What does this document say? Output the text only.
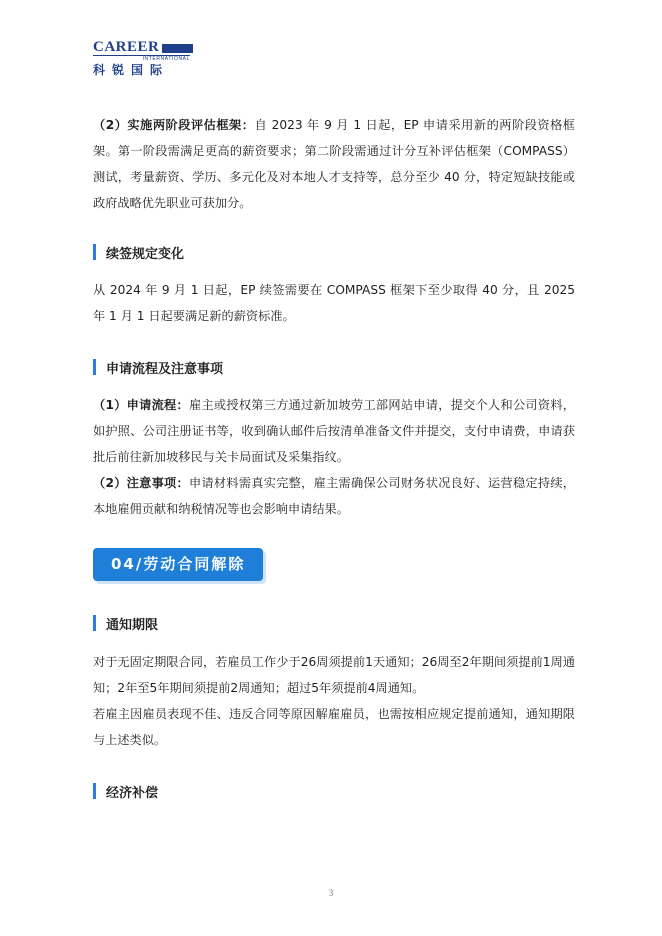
CAREER
INTERNATIONAL
科锐国际

（2）实施两阶段评估框架：自 2023 年 9 月 1 日起，EP 申请采用新的两阶段资格框架。第一阶段需满足更高的薪资要求；第二阶段需通过计分互补评估框架（COMPASS）测试，考量薪资、学历、多元化及对本地人才支持等，总分至少 40 分，特定短缺技能或政府战略优先职业可获加分。

续签规定变化

从 2024 年 9 月 1 日起，EP 续签需要在 COMPASS 框架下至少取得 40 分，且 2025 年 1 月 1 日起要满足新的薪资标准。

申请流程及注意事项

（1）申请流程：雇主或授权第三方通过新加坡劳工部网站申请，提交个人和公司资料，如护照、公司注册证书等，收到确认邮件后按清单准备文件并提交，支付申请费，申请获批后前往新加坡移民与关卡局面试及采集指纹。

（2）注意事项：申请材料需真实完整，雇主需确保公司财务状况良好、运营稳定持续，本地雇佣贡献和纳税情况等也会影响申请结果。

04/劳动合同解除
通知期限

对于无固定期限合同，若雇员工作少于26周须提前1天通知；26周至2年期间须提前1周通知；2年至5年期间须提前2周通知；超过5年须提前4周通知。

若雇主因雇员表现不佳、违反合同等原因解雇雇员，也需按相应规定提前通知，通知期限与上述类似。

经济补偿
3
